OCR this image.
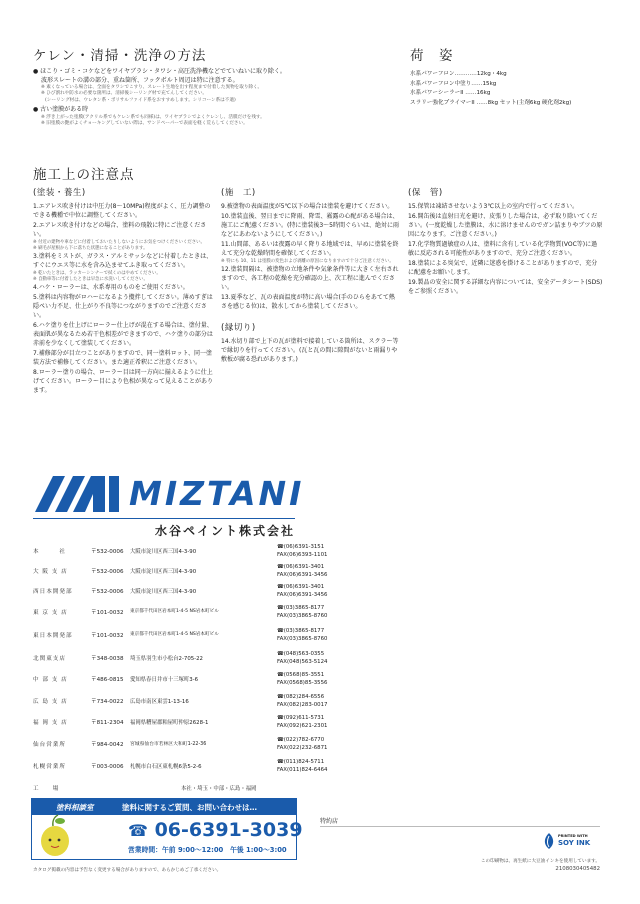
ケレン・清掃・洗浄の方法
● ほこり・ゴミ・コケなどをワイヤブラシ・タワシ・高圧洗浄機などでていねいに取り除く。
波形スレートの溝の部分、重ね箇所、フックボルト周辺は特に注意する。
※ 素くなっている場合は、全面をタワシでこすり、スレート生地を出す程度まで付着した異物を取り除く。
※ ひび割れや防水の必要な箇所は、清掃後シーリング材で充てんしてください。
(シーリング材は、ウレタン系・ポリサルファイド系をおすすめします。シリコーン系は不適)
● 古い塗膜がある時
※ 浮き上がった塗膜(アクリル系でもケレン系でも同様)は、ワイヤブラシでよくケレンし、活膜だけを残す。
※ 旧塗膜の艶がよくチョーキングしていない際は、サンドペーパーで表面を軽く荒らしてください。
荷　姿
水系パワーフロン…………12kg・4kg
水系パワーフロン中塗り……15kg
水系パワーシーラーII ……16kg
スラリー強化プライマーII ……8kg セット(主剤6kg 硬化剤2kg)
施工上の注意点
(塗装・養生)
1.エアレス吹き付けは中圧力(8～10MPa)程度がよく、圧力調整のできる機種で中位に調整してください。
2.エアレス吹き付けなどの場合、塗料の飛散に特にご注意ください。
※ 付近の建物や車などに付着しておいたりしないようにお気をつけくださいください。
※ 刷毛が屋根から下に落ちた状態になることがあります。
3.塗料をミストが、ガラス・アルミサッシなどに付着したときは、すぐにウエス等に水を含み込ませてふき取ってください。
※ 乾いたときは、ラッカーシンナーで拭くのはやめてください。
※ 自動車等に付着したときは早急に水洗いしてください。
4.ハケ・ローラーは、水系専用のものをご使用ください。
5.塗料は内容物がロハーになるよう攪拌してください。薄めすぎは隠ぺい力不足、仕上がり不良等につながりますのでご注意ください。
6.ハケ塗りを仕上げにローラー仕上げが混在する場合は、塗付量、表面肌が異なるため若干色相差ができますので、ハケ塗りの部分は赤前を少なくして塗装してください。
7.補修部分が目立つことがありますので、同一塗料ロット、同一塗装方法で補修してください。また適正希釈にご注意ください。
8.ローラー塗りの場合、ローラー目は同一方向に揃えるように仕上げてください。ローラー目により色相が異なって見えることがあります。
(施　工)
9.被塗物の表面温度が5℃以下の場合は塗装を避けてください。
10.塗装直後、翌日までに降雨、降雪、霧露の心配がある場合は、施工にご配慮ください。(特に塗装後3～5時間ぐらいは、絶対に雨などにあわないようにしてください。)
11.山間部、あるいは夜露の早く降りる地域では、早めに塗装を終えて充分な乾燥時間を確保してください。
※ 特にも 10、11 は塗膜の変色および剥離の原因になりますので十分ご注意ください。
12.塗装間隔は、被塗物の立地条件や気象条件等に大きく左右されますので、各工程の乾燥を充分確認の上、次工程に進んでください。
13.夏季など、瓦の表面温度が特に高い場合(手のひらをあてて熱さを感じる位)は、散水してから塗装してください。
(縁切り)
14.水切り部で上下の瓦が塗料で接着している箇所は、スクラー等で縁切りを行ってください。(瓦と瓦の間に隙間がないと雨漏りや敷板が腐る恐れがあります。)
(保　管)
15.保管は凍結させないよう3℃以上の室内で行ってください。
16.開缶後は直射日光を避け、皮張りした場合は、必ず取り除いてください。(一度乾燥した塗膜は、水に溶けませんのでガン詰まりやブツの原因になります。ご注意ください。)
17.化学物質過敏症の人は、塗料に含有している化学物質(VOC等)に過敏に反応される可能性がありますので、充分ご注意ください。
18.塗装による臭気で、近隣に迷惑を掛けることがありますので、充分に配慮をお願いします。
19.製品の安全に関する詳細な内容については、安全データシート(SDS)をご参照ください。
MIZTANI
水谷ペイント株式会社
本　　　社	〒532-0006 大阪市淀川区西三国4-3-90
☎(06)6391-3151
FAX(06)6393-1101
大 阪 支 店	〒532-0006 大阪市淀川区西三国4-3-90
☎(06)6391-3401
FAX(06)6391-3456
西日本開発部	〒532-0006 大阪市淀川区西三国4-3-90
☎(06)6391-3401
FAX(06)6391-3456
東 京 支 店	〒101-0032 東京都千代田区岩本町1-4-5 NS岩本町ビル
☎(03)3865-8177
FAX(03)3865-8760
東日本開発部	〒101-0032 東京都千代田区岩本町1-4-5 NS岩本町ビル
☎(03)3865-8177
FAX(03)3865-8760
北関東支店	〒348-0038 埼玉県羽生市小松台2-705-22
☎(048)563-0355
FAX(048)563-5124
中 部 支 店	〒486-0815 愛知県春日井市十三塚町3-6
☎(0568)85-3551
FAX(0568)85-3556
広 島 支 店	〒734-0022 広島市南区東雲1-13-16
☎(082)284-6556
FAX(082)283-0017
福 岡 支 店	〒811-2304 福岡県糟屋郡粕屋町仲原2628-1
☎(092)611-5731
FAX(092)621-2301
仙台営業所	〒984-0042 宮城県仙台市若林区大和町1-22-36
☎(022)782-6770
FAX(022)232-6871
札幌営業所	〒003-0006 札幌市白石区東札幌6条5-2-6
☎(011)824-5711
FAX(011)824-6464
工　　場	本社・埼玉・中部・広島・福岡
塗料相談室	塗料に関するご質問、お問い合わせは…
☎ 06-6391-3039
営業時間：午前 9:00～12:00　午後 1:00～3:00
特約店
PRINTED WITH
SOY INK
この印刷物は、再生紙に大豆油インキを使用しています。
2108030405482
カタログ掲載の内容は予告なく変更する場合がありますので、あらかじめご了承ください。
